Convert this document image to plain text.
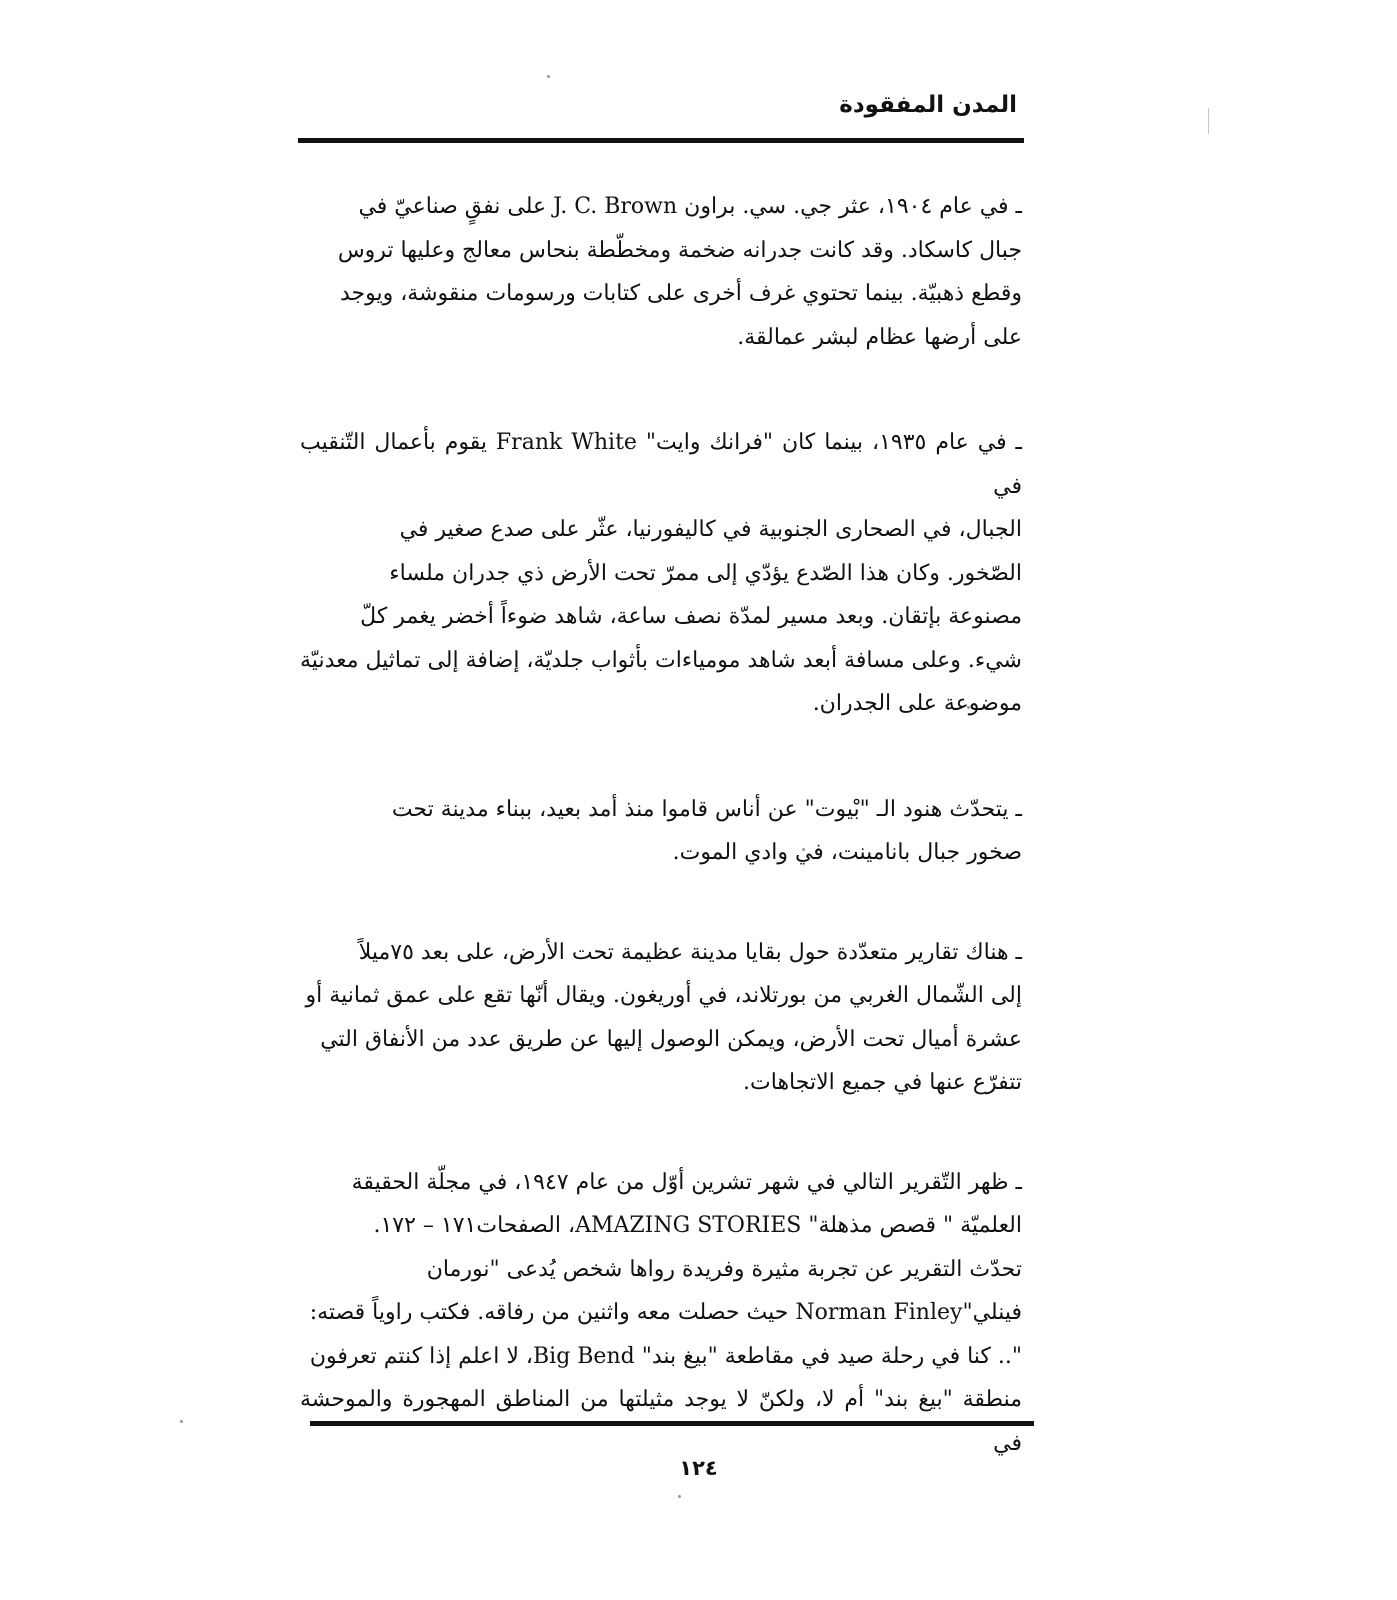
المدن المفقودة

ـ في عام ١٩٠٤، عثر جي. سي. براون J. C. Brown على نفقٍ صناعيّ في
جبال كاسكاد. وقد كانت جدرانه ضخمة ومخطّطة بنحاس معالج وعليها تروس
وقطع ذهبيّة. بينما تحتوي غرف أخرى على كتابات ورسومات منقوشة، ويوجد
على أرضها عظام لبشر عمالقة.

ـ في عام ١٩٣٥، بينما كان "فرانك وايت" Frank White يقوم بأعمال التّنقيب في
الجبال، في الصحارى الجنوبية في كاليفورنيا، عثّر على صدع صغير في
الصّخور. وكان هذا الصّدع يؤدّي إلى ممرّ تحت الأرض ذي جدران ملساء
مصنوعة بإتقان. وبعد مسير لمدّة نصف ساعة، شاهد ضوءاً أخضر يغمر كلّ
شيء. وعلى مسافة أبعد شاهد مومياءات بأثواب جلديّة، إضافة إلى تماثيل معدنيّة
موضوعة على الجدران.

ـ يتحدّث هنود الـ "بْيوت" عن أناس قاموا منذ أمد بعيد، ببناء مدينة تحت
صخور جبال بانامينت، في وادي الموت.

ـ هناك تقارير متعدّدة حول بقايا مدينة عظيمة تحت الأرض، على بعد ٧٥ميلاً
إلى الشّمال الغربي من بورتلاند، في أوريغون. ويقال أنّها تقع على عمق ثمانية أو
عشرة أميال تحت الأرض، ويمكن الوصول إليها عن طريق عدد من الأنفاق التي
تتفرّع عنها في جميع الاتجاهات.

ـ ظهر التّقرير التالي في شهر تشرين أوّل من عام ١٩٤٧، في مجلّة الحقيقة
العلميّة " قصص مذهلة" AMAZING STORIES، الصفحات١٧١ – ١٧٢.
تحدّث التقرير عن تجربة مثيرة وفريدة رواها شخص يُدعى "نورمان
فينلي"Norman Finley حيث حصلت معه واثنين من رفاقه. فكتب راوياً قصته:
".. كنا في رحلة صيد في مقاطعة "بيغ بند" Big Bend، لا اعلم إذا كنتم تعرفون
منطقة "بيغ بند" أم لا، ولكنّ لا يوجد مثيلتها من المناطق المهجورة والموحشة في

١٢٤
